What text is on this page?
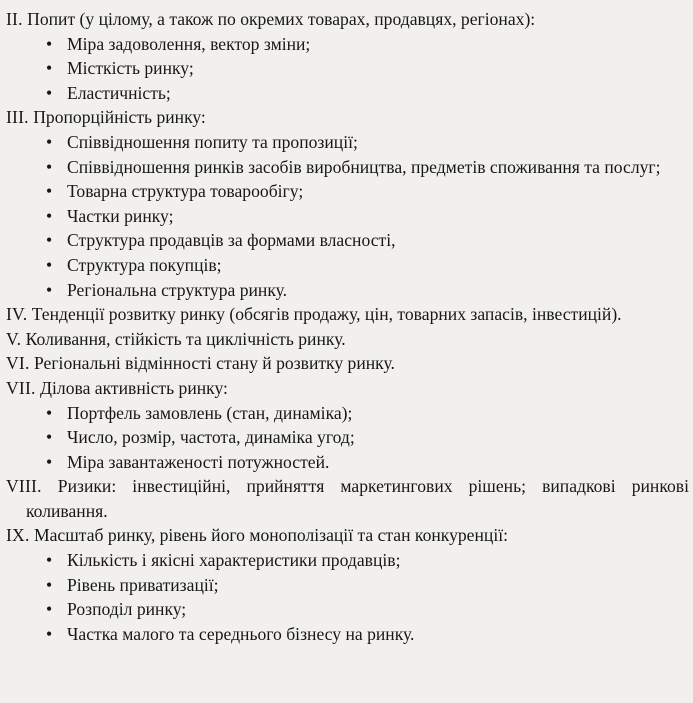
II. Попит (у цілому, а також по окремих товарах, продавцях, регіонах):

• Міра задоволення, вектор зміни;
• Місткість ринку;
• Еластичність;

III. Пропорційність ринку:

• Співвідношення попиту та пропозиції;
• Співвідношення ринків засобів виробництва, предметів споживання та послуг;
• Товарна структура товарообігу;
• Частки ринку;
• Структура продавців за формами власності,
• Структура покупців;
• Регіональна структура ринку.

IV. Тенденції розвитку ринку (обсягів продажу, цін, товарних запасів, інвестицій).

V. Коливання, стійкість та циклічність ринку.

VI. Регіональні відмінності стану й розвитку ринку.

VII. Ділова активність ринку:

• Портфель замовлень (стан, динаміка);
• Число, розмір, частота, динаміка угод;
• Міра завантаженості потужностей.

VIII. Ризики: інвестиційні, прийняття маркетингових рішень; випадкові ринкові коливання.

IX. Масштаб ринку, рівень його монополізації та стан конкуренції:

• Кількість і якісні характеристики продавців;
• Рівень приватизації;
• Розподіл ринку;
• Частка малого та середнього бізнесу на ринку.
